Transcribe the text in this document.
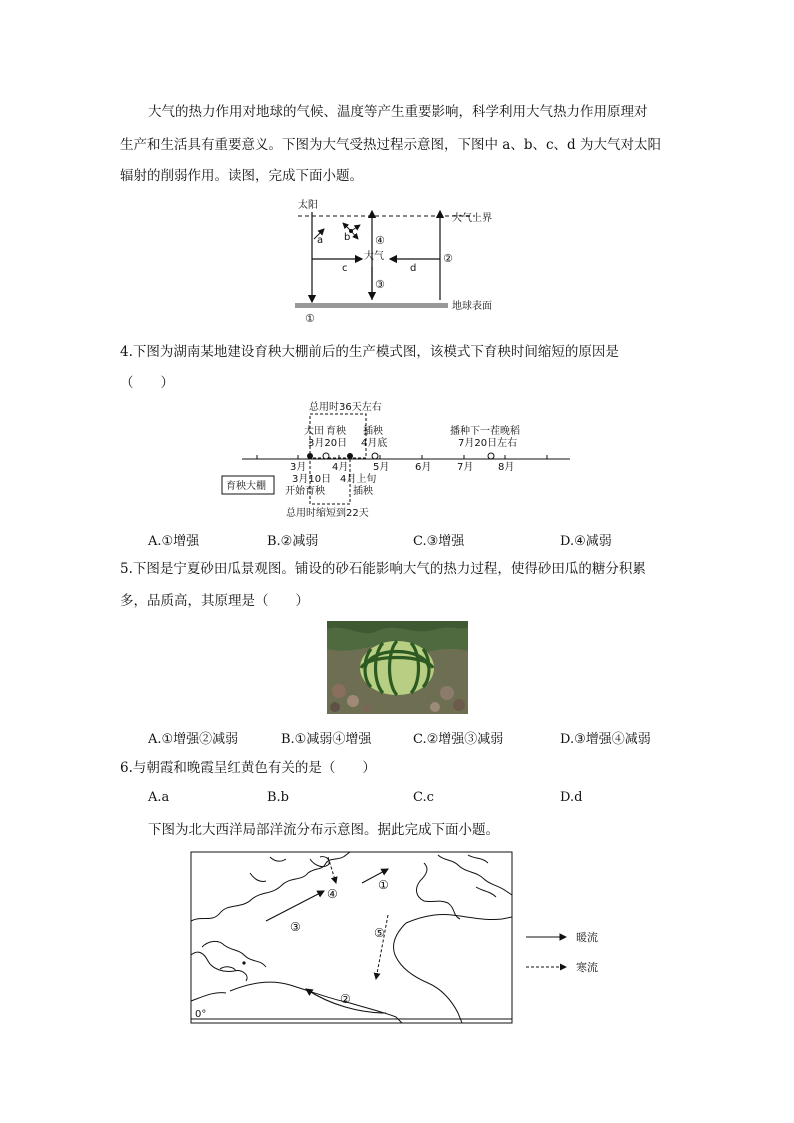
大气的热力作用对地球的气候、温度等产生重要影响，科学利用大气热力作用原理对
生产和生活具有重要意义。下图为大气受热过程示意图，下图中 a、b、c、d 为大气对太阳
辐射的削弱作用。读图，完成下面小题。
太阳
大气上界
大气
地球表面
a b
c	d
①
②
③
④
4.下图为湖南某地建设育秧大棚前后的生产模式图，该模式下育秧时间缩短的原因是
（　　）
总用时36天左右
大田 育秧
3月20日
插秧
4月底
播种下一茬晚稻
7月20日左右
3月	4月 5月	6月	7月 8月
育秧大棚
3月10日
开始育秧
4月上旬
插秧
总用时缩短到22天
A.①增强	B.②减弱	C.③增强	D.④减弱
5.下图是宁夏砂田瓜景观图。铺设的砂石能影响大气的热力过程，使得砂田瓜的糖分积累
多，品质高，其原理是（　　）
A.①增强②减弱	B.①减弱④增强	C.②增强③减弱	D.③增强④减弱
6.与朝霞和晚霞呈红黄色有关的是（　　）
A.a	B.b	C.c	D.d
下图为北大西洋局部洋流分布示意图。据此完成下面小题。
①
②
③
④
⑤
0°
暖流
寒流
